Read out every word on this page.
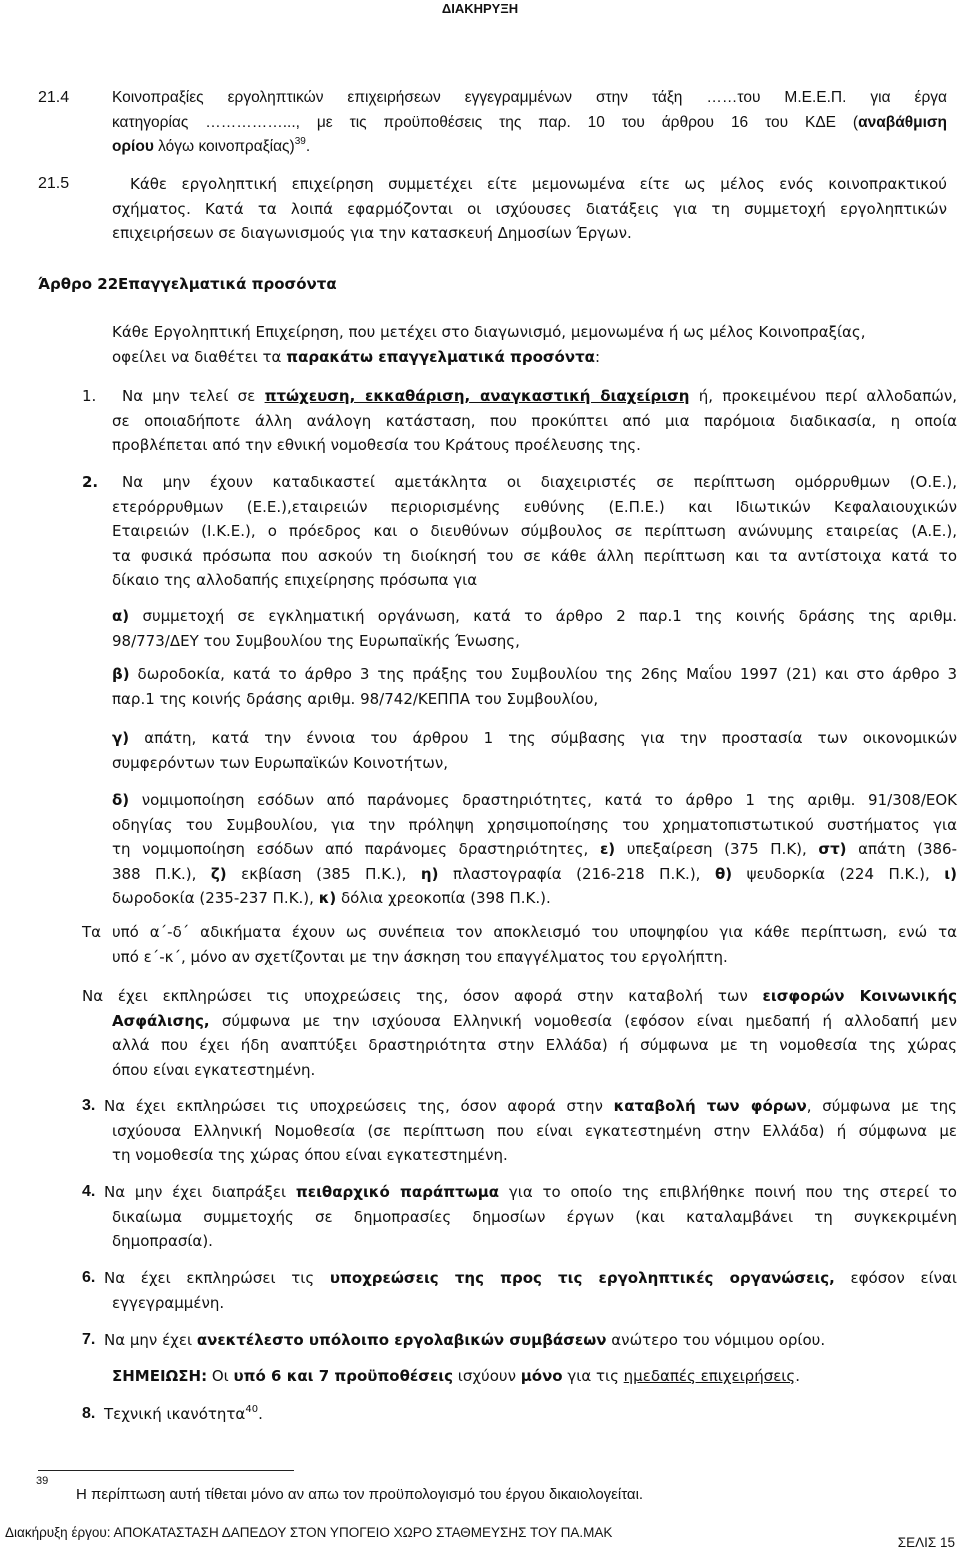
ΔΙΑΚΗΡΥΞΗ
21.4	Κοινοπραξίες εργοληπτικών επιχειρήσεων εγγεγραμμένων στην τάξη ……του Μ.Ε.Ε.Π. για έργα
κατηγορίας ……………..., με τις προϋποθέσεις της παρ. 10 του άρθρου 16 του ΚΔΕ (αναβάθμιση
ορίου λόγω κοινοπραξίας)$^{39}$.
21.5	Κάθε εργοληπτική επιχείρηση συμμετέχει είτε μεμονωμένα είτε ως μέλος ενός κοινοπρακτικού
σχήματος. Κατά τα λοιπά εφαρμόζονται οι ισχύουσες διατάξεις για τη συμμετοχή εργοληπτικών
επιχειρήσεων σε διαγωνισμούς για την κατασκευή Δημοσίων Έργων.
Άρθρο 22:
Επαγγελματικά προσόντα
Κάθε Εργοληπτική Επιχείρηση, που μετέχει στο διαγωνισμό, μεμονωμένα ή ως μέλος Κοινοπραξίας,
οφείλει να διαθέτει τα παρακάτω επαγγελματικά προσόντα:
1.	Να μην τελεί σε πτώχευση, εκκαθάριση, αναγκαστική διαχείριση ή, προκειμένου περί αλλοδαπών,
σε οποιαδήποτε άλλη ανάλογη κατάσταση, που προκύπτει από μια παρόμοια διαδικασία, η οποία
προβλέπεται από την εθνική νομοθεσία του Κράτους προέλευσης της.
2.	Να μην έχουν καταδικαστεί αμετάκλητα οι διαχειριστές σε περίπτωση ομόρρυθμων (Ο.Ε.),
ετερόρρυθμων (Ε.Ε.),εταιρειών περιορισμένης ευθύνης (Ε.Π.Ε.) και Ιδιωτικών Κεφαλαιουχικών
Εταιρειών (Ι.Κ.Ε.), ο πρόεδρος και ο διευθύνων σύμβουλος σε περίπτωση ανώνυμης εταιρείας (Α.Ε.),
τα φυσικά πρόσωπα που ασκούν τη διοίκησή του σε κάθε άλλη περίπτωση και τα αντίστοιχα κατά το
δίκαιο της αλλοδαπής επιχείρησης πρόσωπα για
α) συμμετοχή σε εγκληματική οργάνωση, κατά το άρθρο 2 παρ.1 της κοινής δράσης της αριθμ.
98/773/ΔΕΥ του Συμβουλίου της Ευρωπαϊκής Ένωσης,
β) δωροδοκία, κατά το άρθρο 3 της πράξης του Συμβουλίου της 26ης Μαΐου 1997 (21) και στο άρθρο 3
παρ.1 της κοινής δράσης αριθμ. 98/742/ΚΕΠΠΑ του Συμβουλίου,
γ) απάτη, κατά την έννοια του άρθρου 1 της σύμβασης για την προστασία των οικονομικών
συμφερόντων των Ευρωπαϊκών Κοινοτήτων,
δ) νομιμοποίηση εσόδων από παράνομες δραστηριότητες, κατά το άρθρο 1 της αριθμ. 91/308/ΕΟΚ
οδηγίας του Συμβουλίου, για την πρόληψη χρησιμοποίησης του χρηματοπιστωτικού συστήματος για
τη νομιμοποίηση εσόδων από παράνομες δραστηριότητες, ε) υπεξαίρεση (375 Π.Κ), στ) απάτη (386-
388 Π.Κ.), ζ) εκβίαση (385 Π.Κ.), η) πλαστογραφία (216-218 Π.Κ.), θ) ψευδορκία (224 Π.Κ.), ι)
δωροδοκία (235-237 Π.Κ.), κ) δόλια χρεοκοπία (398 Π.Κ.).
Τα υπό α΄-δ΄ αδικήματα έχουν ως συνέπεια τον αποκλεισμό του υποψηφίου για κάθε περίπτωση, ενώ τα
υπό ε΄-κ΄, μόνο αν σχετίζονται με την άσκηση του επαγγέλματος του εργολήπτη.
Να έχει εκπληρώσει τις υποχρεώσεις της, όσον αφορά στην καταβολή των εισφορών Κοινωνικής
Ασφάλισης, σύμφωνα με την ισχύουσα Ελληνική νομοθεσία (εφόσον είναι ημεδαπή ή αλλοδαπή μεν
αλλά που έχει ήδη αναπτύξει δραστηριότητα στην Ελλάδα) ή σύμφωνα με τη νομοθεσία της χώρας
όπου είναι εγκατεστημένη.
3. Να έχει εκπληρώσει τις υποχρεώσεις της, όσον αφορά στην καταβολή των φόρων, σύμφωνα με της
ισχύουσα Ελληνική Νομοθεσία (σε περίπτωση που είναι εγκατεστημένη στην Ελλάδα) ή σύμφωνα με
τη νομοθεσία της χώρας όπου είναι εγκατεστημένη.
4. Να μην έχει διαπράξει πειθαρχικό παράπτωμα για το οποίο της επιβλήθηκε ποινή που της στερεί το
δικαίωμα συμμετοχής σε δημοπρασίες δημοσίων έργων (και καταλαμβάνει τη συγκεκριμένη
δημοπρασία).
6. Να έχει εκπληρώσει τις υποχρεώσεις της προς τις εργοληπτικές οργανώσεις, εφόσον είναι
εγγεγραμμένη.
7. Να μην έχει ανεκτέλεστο υπόλοιπο εργολαβικών συμβάσεων ανώτερο του νόμιμου ορίου.
ΣΗΜΕΙΩΣΗ: Οι υπό 6 και 7 προϋποθέσεις ισχύουν μόνο για τις ημεδαπές επιχειρήσεις.
8. Τεχνική ικανότητα$^{40}$.
39
Η περίπτωση αυτή τίθεται μόνο αν απω τον προϋπολογισμό του έργου δικαιολογείται.
Διακήρυξη έργου: ΑΠΟΚΑΤΑΣΤΑΣΗ ΔΑΠΕΔΟΥ ΣΤΟΝ ΥΠΟΓΕΙΟ ΧΩΡΟ ΣΤΑΘΜΕΥΣΗΣ ΤΟΥ ΠΑ.ΜΑΚ
ΣΕΛΙΣ 15
